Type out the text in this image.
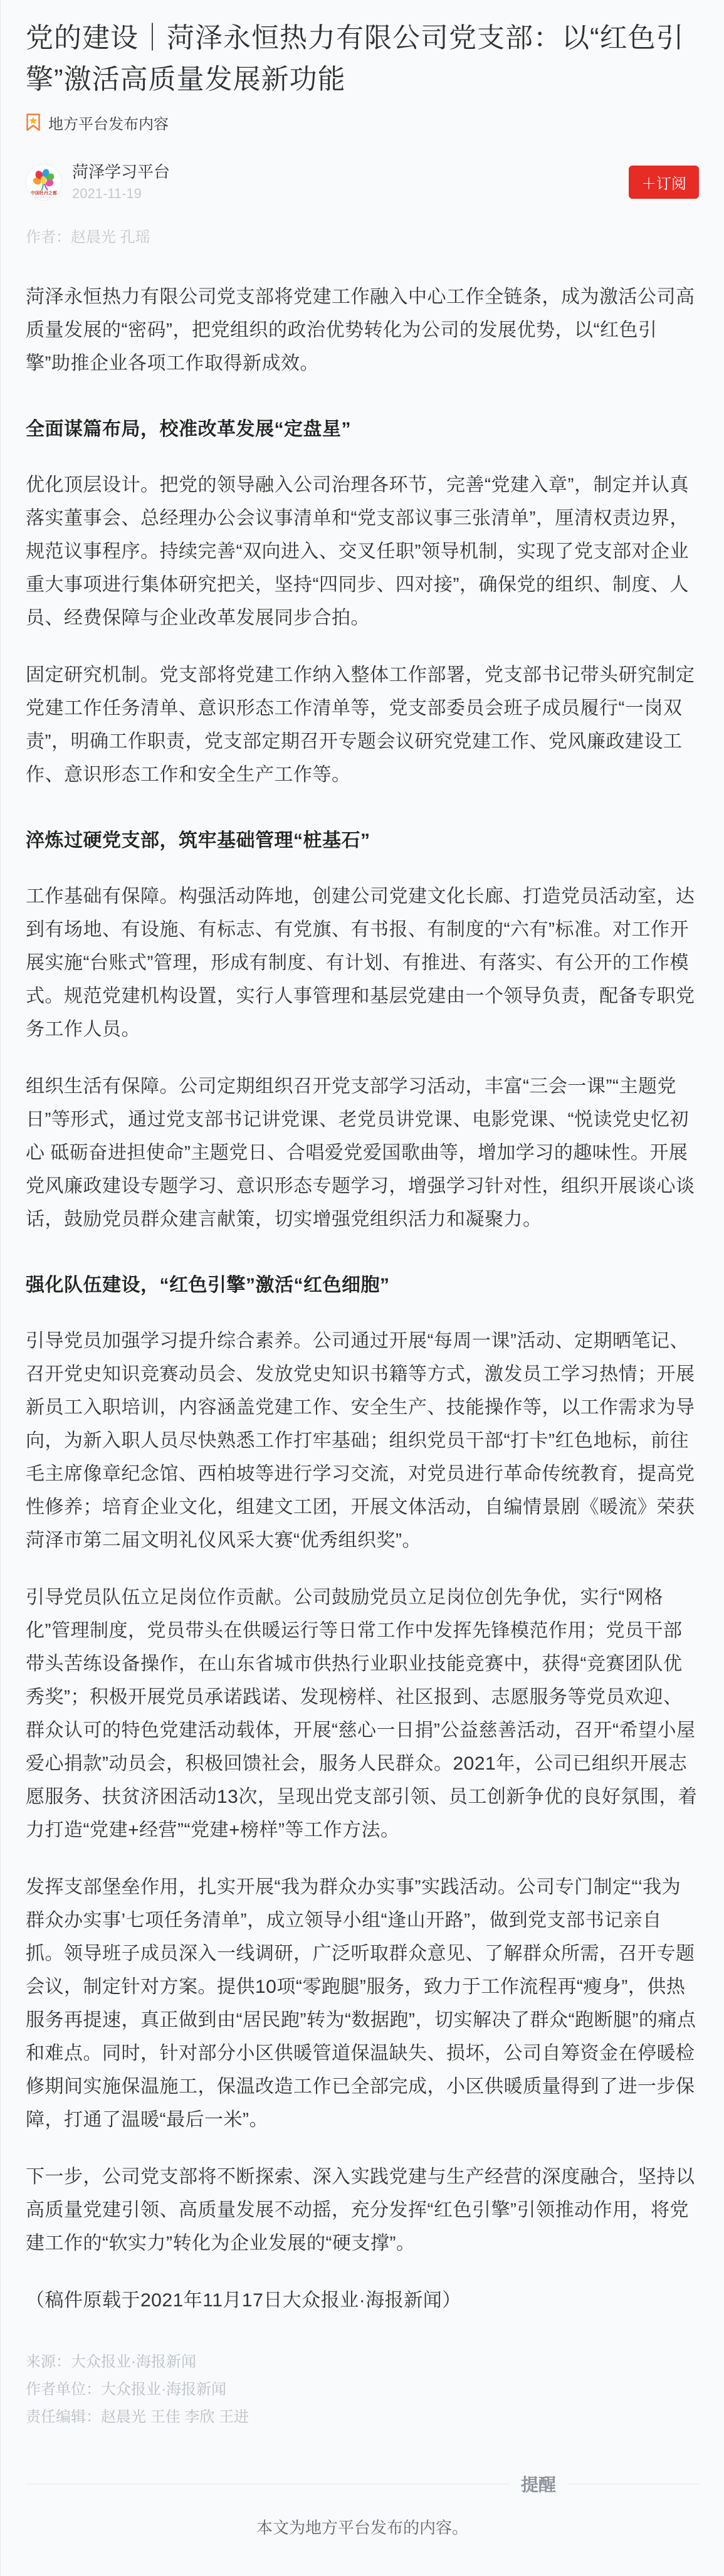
党的建设｜菏泽永恒热力有限公司党支部：以“红色引擎”激活高质量发展新功能
地方平台发布内容
中国牡丹之都
CHINA PEONY CAPITAL
菏泽学习平台
2021-11-19
＋订阅
作者：赵晨光 孔瑶

菏泽永恒热力有限公司党支部将党建工作融入中心工作全链条，成为激活公司高质量发展的“密码”，把党组织的政治优势转化为公司的发展优势，以“红色引擎”助推企业各项工作取得新成效。

全面谋篇布局，校准改革发展“定盘星”

优化顶层设计。把党的领导融入公司治理各环节，完善“党建入章”，制定并认真落实董事会、总经理办公会议事清单和“党支部议事三张清单”，厘清权责边界，规范议事程序。持续完善“双向进入、交叉任职”领导机制，实现了党支部对企业重大事项进行集体研究把关，坚持“四同步、四对接”，确保党的组织、制度、人员、经费保障与企业改革发展同步合拍。

固定研究机制。党支部将党建工作纳入整体工作部署，党支部书记带头研究制定党建工作任务清单、意识形态工作清单等，党支部委员会班子成员履行“一岗双责”，明确工作职责，党支部定期召开专题会议研究党建工作、党风廉政建设工作、意识形态工作和安全生产工作等。

淬炼过硬党支部，筑牢基础管理“桩基石”

工作基础有保障。构强活动阵地，创建公司党建文化长廊、打造党员活动室，达到有场地、有设施、有标志、有党旗、有书报、有制度的“六有”标准。对工作开展实施“台账式”管理，形成有制度、有计划、有推进、有落实、有公开的工作模式。规范党建机构设置，实行人事管理和基层党建由一个领导负责，配备专职党务工作人员。

组织生活有保障。公司定期组织召开党支部学习活动，丰富“三会一课”“主题党日”等形式，通过党支部书记讲党课、老党员讲党课、电影党课、“悦读党史忆初心 砥砺奋进担使命”主题党日、合唱爱党爱国歌曲等，增加学习的趣味性。开展党风廉政建设专题学习、意识形态专题学习，增强学习针对性，组织开展谈心谈话，鼓励党员群众建言献策，切实增强党组织活力和凝聚力。

强化队伍建设，“红色引擎”激活“红色细胞”

引导党员加强学习提升综合素养。公司通过开展“每周一课”活动、定期晒笔记、召开党史知识竞赛动员会、发放党史知识书籍等方式，激发员工学习热情；开展新员工入职培训，内容涵盖党建工作、安全生产、技能操作等，以工作需求为导向，为新入职人员尽快熟悉工作打牢基础；组织党员干部“打卡”红色地标，前往毛主席像章纪念馆、西柏坡等进行学习交流，对党员进行革命传统教育，提高党性修养；培育企业文化，组建文工团，开展文体活动，自编情景剧《暖流》荣获菏泽市第二届文明礼仪风采大赛“优秀组织奖”。

引导党员队伍立足岗位作贡献。公司鼓励党员立足岗位创先争优，实行“网格化”管理制度，党员带头在供暖运行等日常工作中发挥先锋模范作用；党员干部带头苦练设备操作，在山东省城市供热行业职业技能竞赛中，获得“竞赛团队优秀奖”；积极开展党员承诺践诺、发现榜样、社区报到、志愿服务等党员欢迎、群众认可的特色党建活动载体，开展“慈心一日捐”公益慈善活动，召开“希望小屋爱心捐款”动员会，积极回馈社会，服务人民群众。2021年，公司已组织开展志愿服务、扶贫济困活动13次，呈现出党支部引领、员工创新争优的良好氛围，着力打造“党建+经营”“党建+榜样”等工作方法。

发挥支部堡垒作用，扎实开展“我为群众办实事”实践活动。公司专门制定“‘我为群众办实事’七项任务清单”，成立领导小组“逢山开路”，做到党支部书记亲自抓。领导班子成员深入一线调研，广泛听取群众意见、了解群众所需，召开专题会议，制定针对方案。提供10项“零跑腿”服务，致力于工作流程再“瘦身”，供热服务再提速，真正做到由“居民跑”转为“数据跑”，切实解决了群众“跑断腿”的痛点和难点。同时，针对部分小区供暖管道保温缺失、损坏，公司自筹资金在停暖检修期间实施保温施工，保温改造工作已全部完成，小区供暖质量得到了进一步保障，打通了温暖“最后一米”。

下一步，公司党支部将不断探索、深入实践党建与生产经营的深度融合，坚持以高质量党建引领、高质量发展不动摇，充分发挥“红色引擎”引领推动作用，将党建工作的“软实力”转化为企业发展的“硬支撑”。

（稿件原载于2021年11月17日大众报业·海报新闻）

来源：大众报业·海报新闻
作者单位：大众报业·海报新闻
责任编辑：赵晨光 王佳 李欣 王进
提醒
本文为地方平台发布的内容。
